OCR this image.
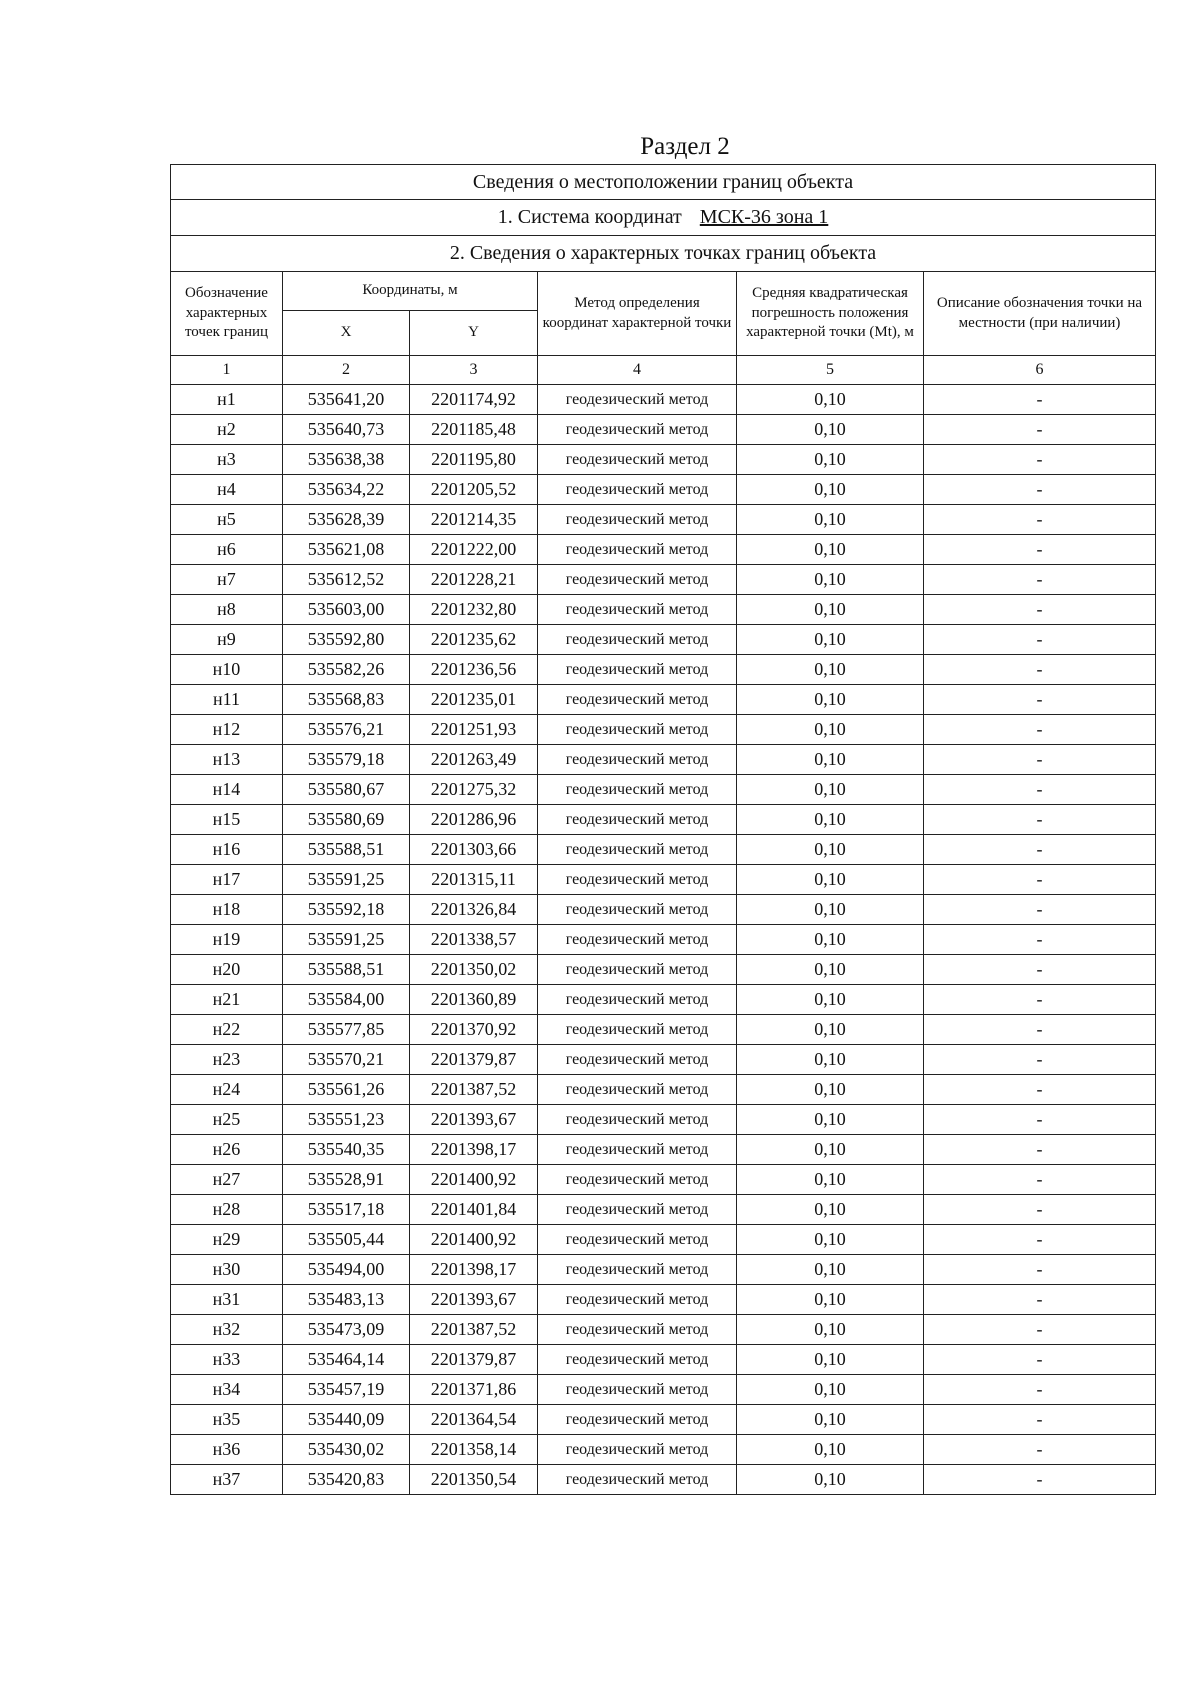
Раздел 2
Сведения о местоположении границ объекта					
1. Система координат МСК-36 зона 1					
2. Сведения о характерных точках границ объекта					
Обозначение характерных точек границ	Координаты, м		Метод определения координат характерной точки	Средняя квадратическая погрешность положения характерной точки (Mt), м	Описание обозначения точки на местности (при наличии)
	X	Y			
1	2	3	4	5	6
н1	535641,20	2201174,92	геодезический метод	0,10	-
н2	535640,73	2201185,48	геодезический метод	0,10	-
н3	535638,38	2201195,80	геодезический метод	0,10	-
н4	535634,22	2201205,52	геодезический метод	0,10	-
н5	535628,39	2201214,35	геодезический метод	0,10	-
н6	535621,08	2201222,00	геодезический метод	0,10	-
н7	535612,52	2201228,21	геодезический метод	0,10	-
н8	535603,00	2201232,80	геодезический метод	0,10	-
н9	535592,80	2201235,62	геодезический метод	0,10	-
н10	535582,26	2201236,56	геодезический метод	0,10	-
н11	535568,83	2201235,01	геодезический метод	0,10	-
н12	535576,21	2201251,93	геодезический метод	0,10	-
н13	535579,18	2201263,49	геодезический метод	0,10	-
н14	535580,67	2201275,32	геодезический метод	0,10	-
н15	535580,69	2201286,96	геодезический метод	0,10	-
н16	535588,51	2201303,66	геодезический метод	0,10	-
н17	535591,25	2201315,11	геодезический метод	0,10	-
н18	535592,18	2201326,84	геодезический метод	0,10	-
н19	535591,25	2201338,57	геодезический метод	0,10	-
н20	535588,51	2201350,02	геодезический метод	0,10	-
н21	535584,00	2201360,89	геодезический метод	0,10	-
н22	535577,85	2201370,92	геодезический метод	0,10	-
н23	535570,21	2201379,87	геодезический метод	0,10	-
н24	535561,26	2201387,52	геодезический метод	0,10	-
н25	535551,23	2201393,67	геодезический метод	0,10	-
н26	535540,35	2201398,17	геодезический метод	0,10	-
н27	535528,91	2201400,92	геодезический метод	0,10	-
н28	535517,18	2201401,84	геодезический метод	0,10	-
н29	535505,44	2201400,92	геодезический метод	0,10	-
н30	535494,00	2201398,17	геодезический метод	0,10	-
н31	535483,13	2201393,67	геодезический метод	0,10	-
н32	535473,09	2201387,52	геодезический метод	0,10	-
н33	535464,14	2201379,87	геодезический метод	0,10	-
н34	535457,19	2201371,86	геодезический метод	0,10	-
н35	535440,09	2201364,54	геодезический метод	0,10	-
н36	535430,02	2201358,14	геодезический метод	0,10	-
н37	535420,83	2201350,54	геодезический метод	0,10	-
